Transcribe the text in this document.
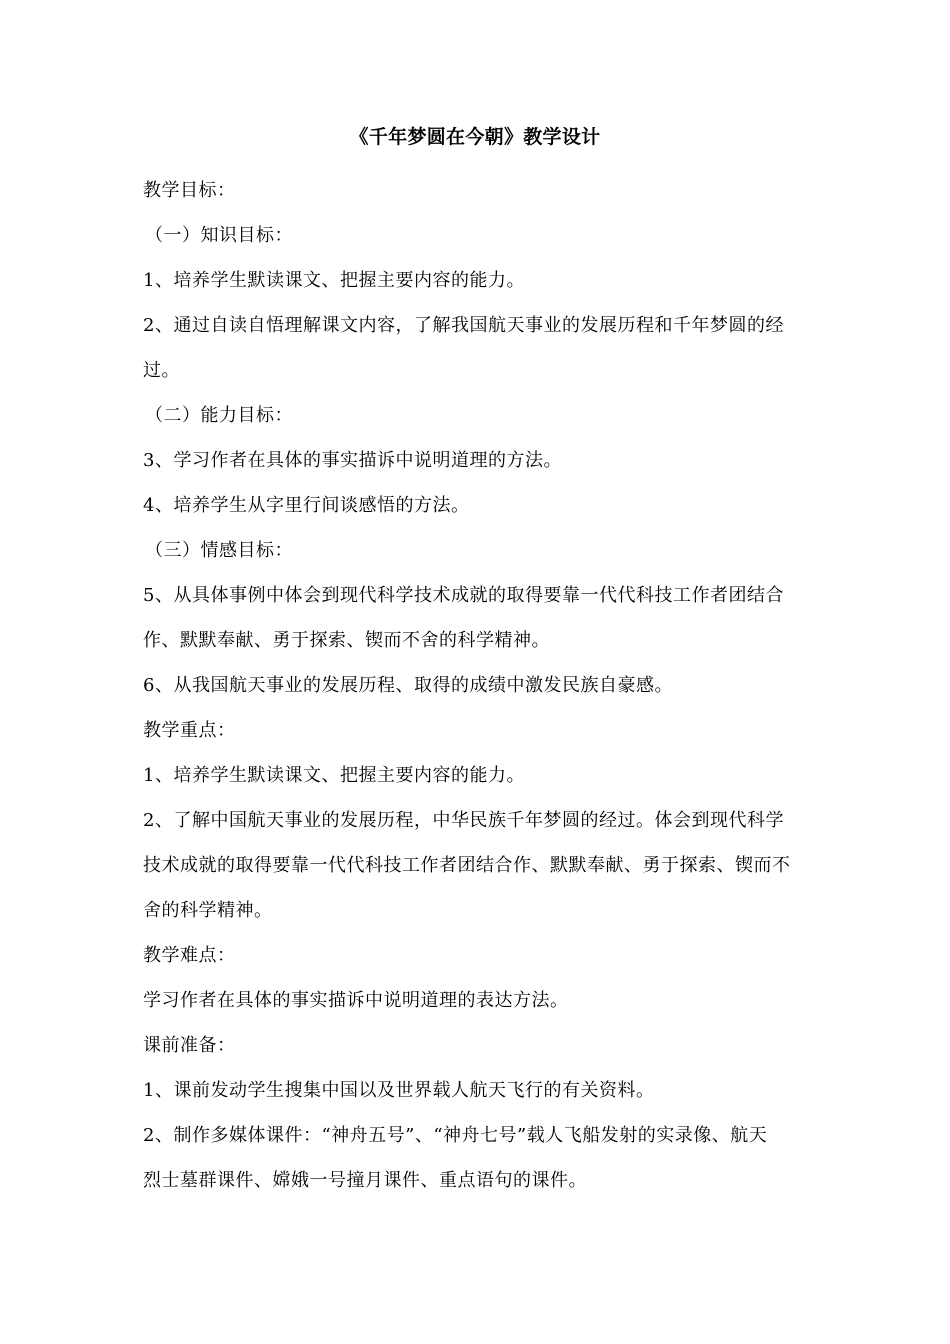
《千年梦圆在今朝》教学设计

教学目标：

（一）知识目标：

1、培养学生默读课文、把握主要内容的能力。

2、通过自读自悟理解课文内容，了解我国航天事业的发展历程和千年梦圆的经

过。

（二）能力目标：

3、学习作者在具体的事实描诉中说明道理的方法。

4、培养学生从字里行间谈感悟的方法。

（三）情感目标：

5、从具体事例中体会到现代科学技术成就的取得要靠一代代科技工作者团结合

作、默默奉献、勇于探索、锲而不舍的科学精神。

6、从我国航天事业的发展历程、取得的成绩中激发民族自豪感。

教学重点：

1、培养学生默读课文、把握主要内容的能力。

2、了解中国航天事业的发展历程，中华民族千年梦圆的经过。体会到现代科学

技术成就的取得要靠一代代科技工作者团结合作、默默奉献、勇于探索、锲而不

舍的科学精神。

教学难点：

学习作者在具体的事实描诉中说明道理的表达方法。

课前准备：

1、课前发动学生搜集中国以及世界载人航天飞行的有关资料。

2、制作多媒体课件：“神舟五号”、“神舟七号”载人飞船发射的实录像、航天

烈士墓群课件、嫦娥一号撞月课件、重点语句的课件。
